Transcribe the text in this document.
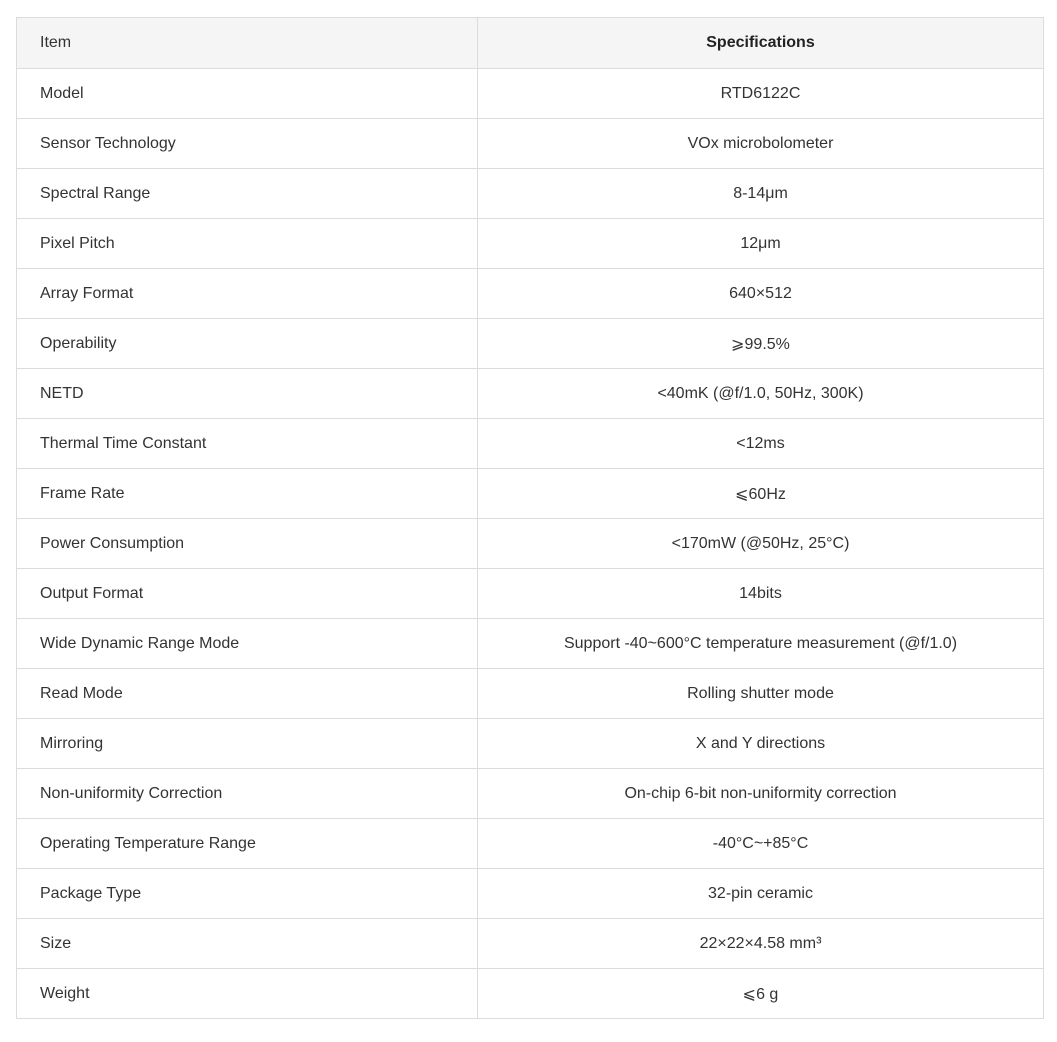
Item	Specifications
Model	RTD6122C
Sensor Technology	VOx microbolometer
Spectral Range	8-14μm
Pixel Pitch	12μm
Array Format	640×512
Operability	⩾99.5%
NETD	<40mK (@f/1.0, 50Hz, 300K)
Thermal Time Constant	<12ms
Frame Rate	⩽60Hz
Power Consumption	<170mW (@50Hz, 25°C)
Output Format	14bits
Wide Dynamic Range Mode	Support -40~600°C temperature measurement (@f/1.0)
Read Mode	Rolling shutter mode
Mirroring	X and Y directions
Non-uniformity Correction	On-chip 6-bit non-uniformity correction
Operating Temperature Range	-40°C~+85°C
Package Type	32-pin ceramic
Size	22×22×4.58 mm³
Weight	⩽6 g
